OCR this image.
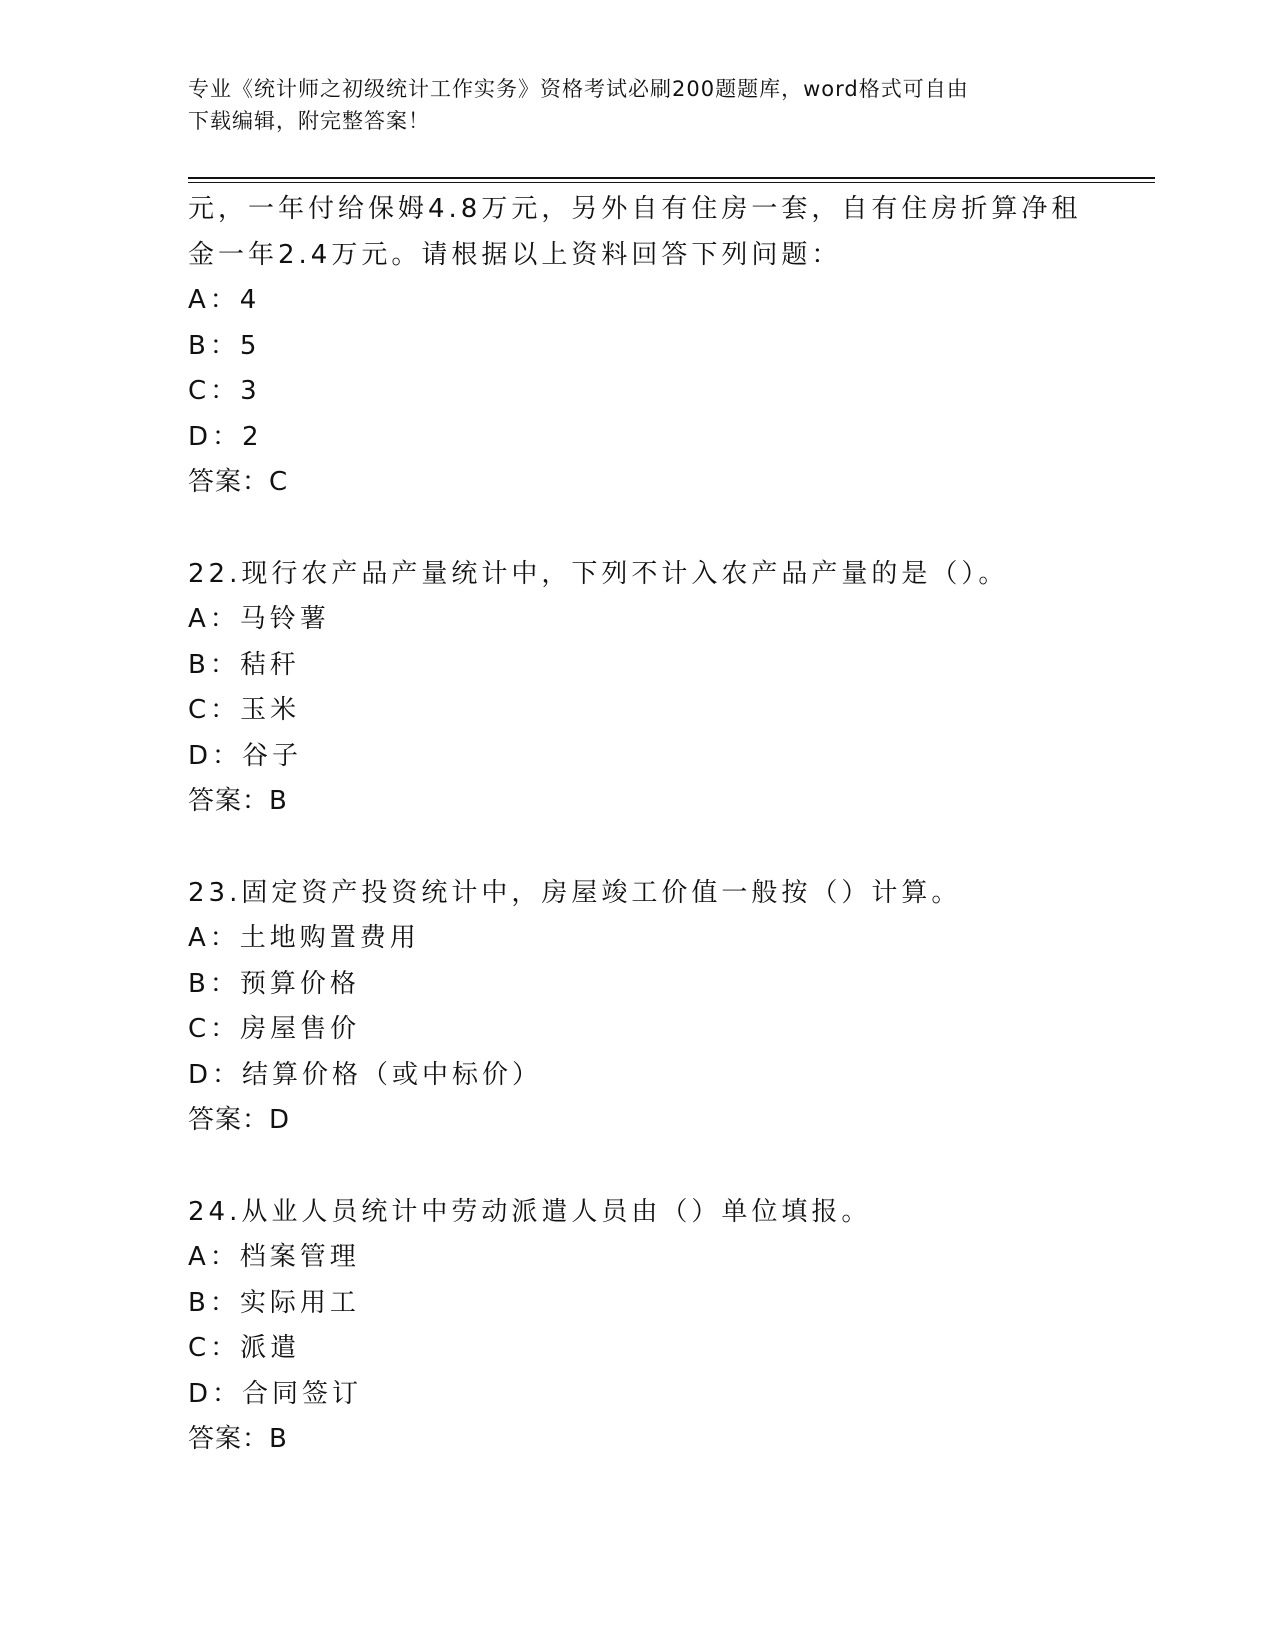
专业《统计师之初级统计工作实务》资格考试必刷200题题库，word格式可自由
下载编辑，附完整答案！
元，一年付给保姆4.8万元，另外自有住房一套，自有住房折算净租
金一年2.4万元。请根据以上资料回答下列问题：
A：4
B：5
C：3
D：2
答案：C
22.现行农产品产量统计中，下列不计入农产品产量的是（）。
A：马铃薯
B：秸秆
C：玉米
D：谷子
答案：B
23.固定资产投资统计中，房屋竣工价值一般按（）计算。
A：土地购置费用
B：预算价格
C：房屋售价
D：结算价格（或中标价）
答案：D
24.从业人员统计中劳动派遣人员由（）单位填报。
A：档案管理
B：实际用工
C：派遣
D：合同签订
答案：B
